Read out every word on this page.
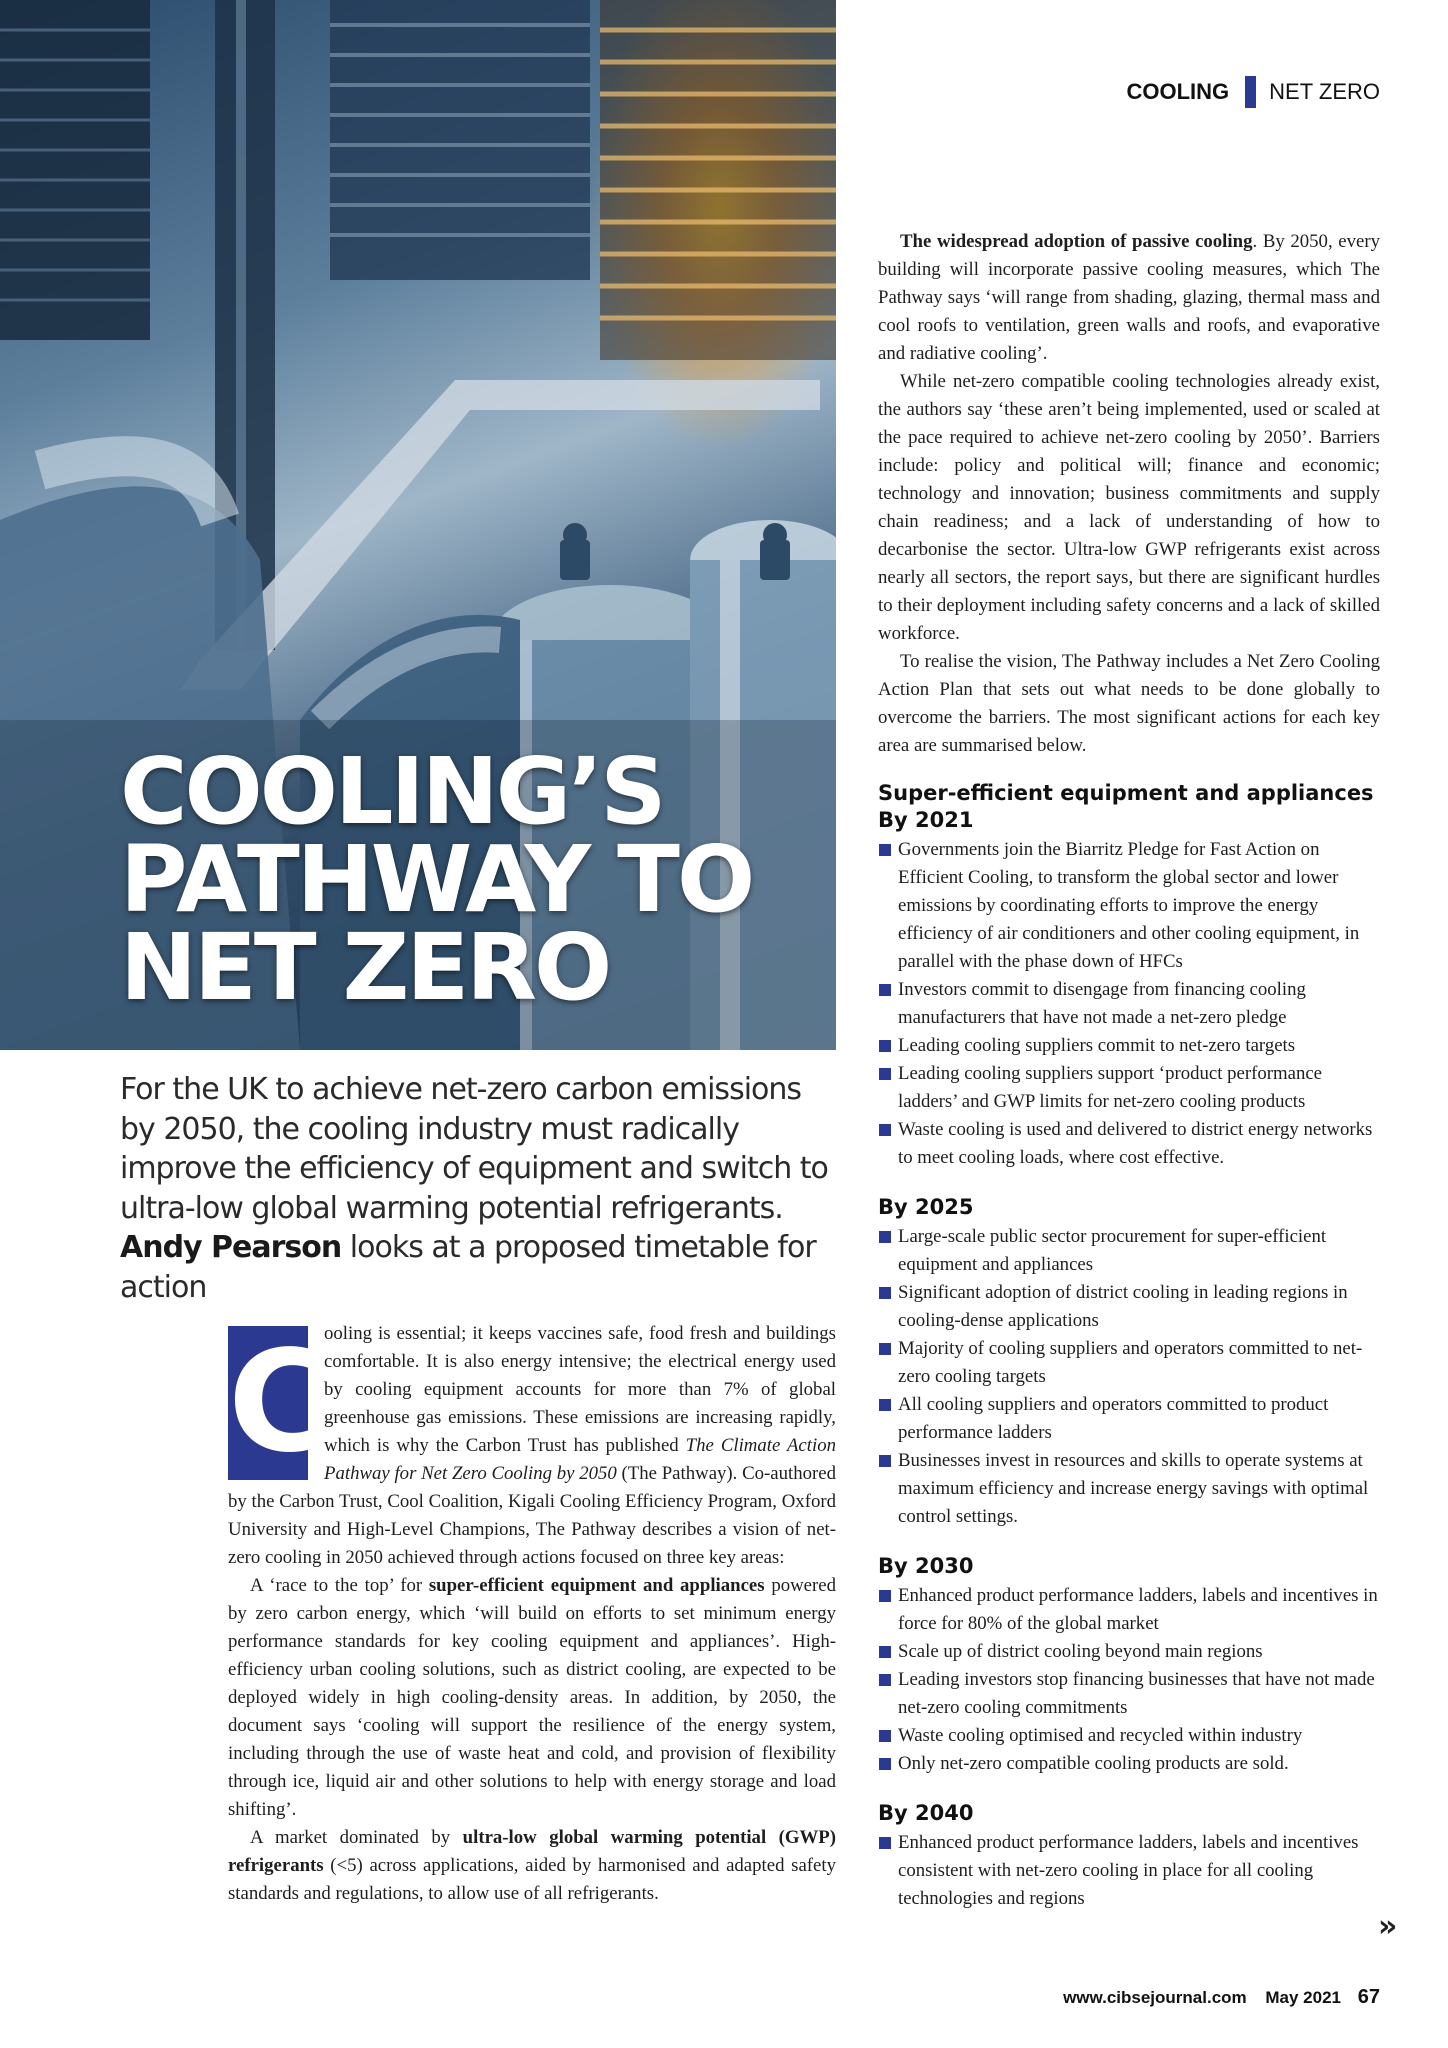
COOLING’S
PATHWAY TO
NET ZERO
COOLING NET ZERO

For the UK to achieve net-zero carbon emissions by 2050, the cooling industry must radically improve the efficiency of equipment and switch to ultra-low global warming potential refrigerants. Andy Pearson looks at a proposed timetable for action

C
ooling is essential; it keeps vaccines safe, food fresh and buildings comfortable. It is also energy intensive; the electrical energy used by cooling equipment accounts for more than 7% of global greenhouse gas emissions. These emissions are increasing rapidly, which is why the Carbon Trust has published The Climate Action Pathway for Net Zero Cooling by 2050 (The Pathway). Co-authored by the Carbon Trust, Cool Coalition, Kigali Cooling Efficiency Program, Oxford University and High-Level Champions, The Pathway describes a vision of net-zero cooling in 2050 achieved through actions focused on three key areas:

A ‘race to the top’ for super-efficient equipment and appliances powered by zero carbon energy, which ‘will build on efforts to set minimum energy performance standards for key cooling equipment and appliances’. High-efficiency urban cooling solutions, such as district cooling, are expected to be deployed widely in high cooling-density areas. In addition, by 2050, the document says ‘cooling will support the resilience of the energy system, including through the use of waste heat and cold, and provision of flexibility through ice, liquid air and other solutions to help with energy storage and load shifting’.

A market dominated by ultra-low global warming potential (GWP) refrigerants (<5) across applications, aided by harmonised and adapted safety standards and regulations, to allow use of all refrigerants.

The widespread adoption of passive cooling. By 2050, every building will incorporate passive cooling measures, which The Pathway says ‘will range from shading, glazing, thermal mass and cool roofs to ventilation, green walls and roofs, and evaporative and radiative cooling’.

While net-zero compatible cooling technologies already exist, the authors say ‘these aren’t being implemented, used or scaled at the pace required to achieve net-zero cooling by 2050’. Barriers include: policy and political will; finance and economic; technology and innovation; business commitments and supply chain readiness; and a lack of understanding of how to decarbonise the sector. Ultra-low GWP refrigerants exist across nearly all sectors, the report says, but there are significant hurdles to their deployment including safety concerns and a lack of skilled workforce.

To realise the vision, The Pathway includes a Net Zero Cooling Action Plan that sets out what needs to be done globally to overcome the barriers. The most significant actions for each key area are summarised below.

Super-efficient equipment and appliances
By 2021
Governments join the Biarritz Pledge for Fast Action on Efficient Cooling, to transform the global sector and lower emissions by coordinating efforts to improve the energy efficiency of air conditioners and other cooling equipment, in parallel with the phase down of HFCs
Investors commit to disengage from financing cooling manufacturers that have not made a net-zero pledge
Leading cooling suppliers commit to net-zero targets
Leading cooling suppliers support ‘product performance ladders’ and GWP limits for net-zero cooling products
Waste cooling is used and delivered to district energy networks to meet cooling loads, where cost effective.
By 2025
Large-scale public sector procurement for super-efficient equipment and appliances
Significant adoption of district cooling in leading regions in cooling-dense applications
Majority of cooling suppliers and operators committed to net-zero cooling targets
All cooling suppliers and operators committed to product performance ladders
Businesses invest in resources and skills to operate systems at maximum efficiency and increase energy savings with optimal control settings.
By 2030
Enhanced product performance ladders, labels and incentives in force for 80% of the global market
Scale up of district cooling beyond main regions
Leading investors stop financing businesses that have not made net-zero cooling commitments
Waste cooling optimised and recycled within industry
Only net-zero compatible cooling products are sold.
By 2040
Enhanced product performance ladders, labels and incentives consistent with net-zero cooling in place for all cooling technologies and regions
»
www.cibsejournal.com May 2021 67
